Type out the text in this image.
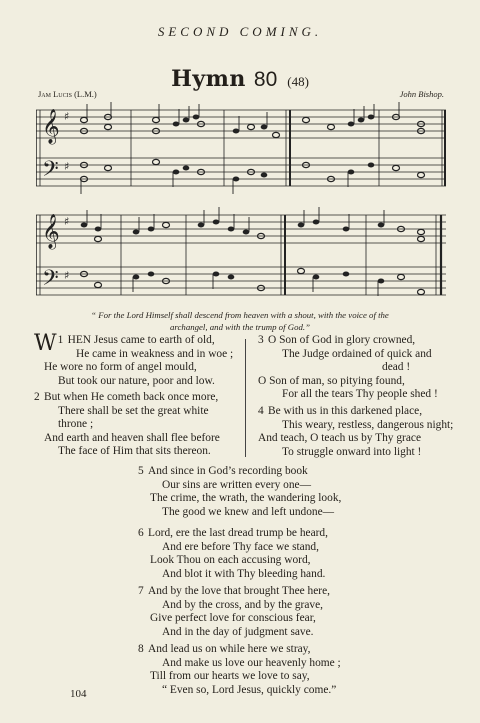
SECOND COMING.
Hymn 80 (48)
Jam Lucis (L.M.)	John Bishop.
𝄞
𝄢
♯
♯
𝄞
𝄢
♯
♯
“ For the Lord Himself shall descend from heaven with a shout, with the voice of the
archangel, and with the trump of God.”
1
W HEN Jesus came to earth of old,
He came in weakness and in woe ;
He wore no form of angel mould,
But took our nature, poor and low.
2 But when He cometh back once more,
There shall be set the great white
throne ;
And earth and heaven shall flee before
The face of Him that sits thereon.
3 O Son of God in glory crowned,
The Judge ordained of quick and
dead !
O Son of man, so pitying found,
For all the tears Thy people shed !
4 Be with us in this darkened place,
This weary, restless, dangerous night;
And teach, O teach us by Thy grace
To struggle onward into light !
5 And since in God’s recording book
Our sins are written every one—
The crime, the wrath, the wandering look,
The good we knew and left undone—
6 Lord, ere the last dread trump be heard,
And ere before Thy face we stand,
Look Thou on each accusing word,
And blot it with Thy bleeding hand.
7 And by the love that brought Thee here,
And by the cross, and by the grave,
Give perfect love for conscious fear,
And in the day of judgment save.
8 And lead us on while here we stray,
And make us love our heavenly home ;
Till from our hearts we love to say,
“ Even so, Lord Jesus, quickly come.”
104
